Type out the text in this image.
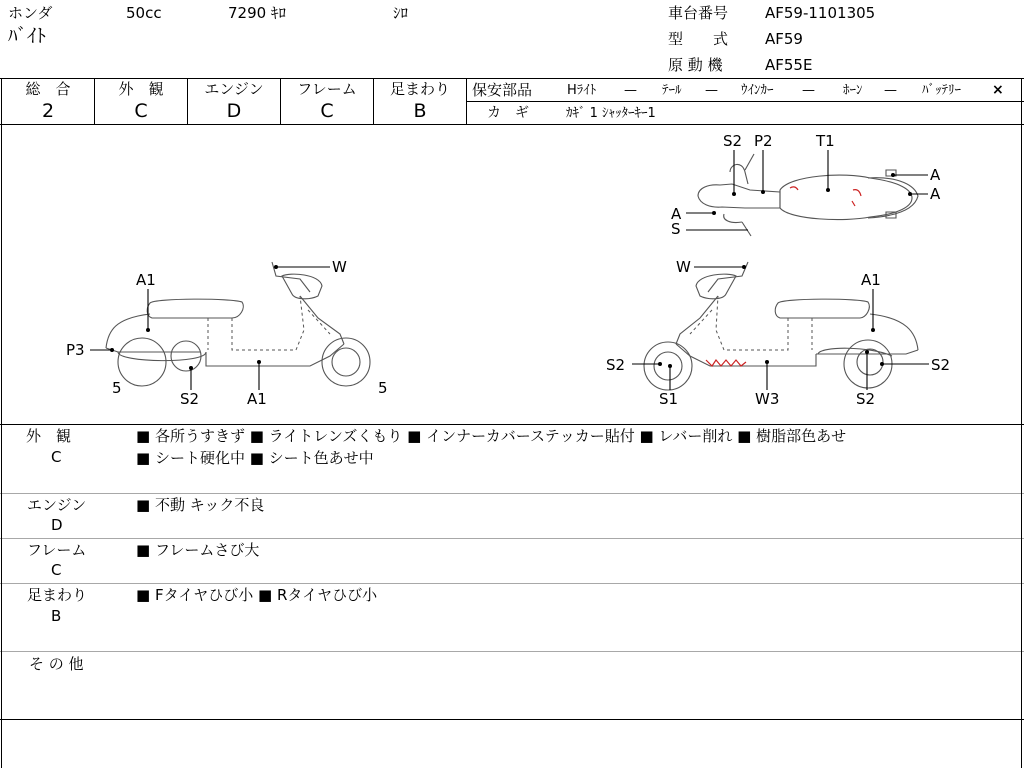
ホンダ	50cc	7290 ｷﾛ	ｼﾛ
ﾊﾞｲﾄ
車台番号 AF59-1101305
型　　式 AF59
原 動 機	AF55E
総　合
2
外　観
C
エンジン
D
フレーム
C
足まわり
B
保安部品	Hﾗｲﾄ — ﾃｰﾙ — ｳｲﾝｶｰ — ﾎｰﾝ — ﾊﾞｯﾃﾘｰ ×
カ　ギ	ｶｷﾞ 1 ｼｬｯﾀｰｷｰ1
S2 P2	T1
A
A
A
S
A1
W
P3
5	5
S2	A1
W
A1
S2
S1	W3	S2
S2
外　観
C
■ 各所うすきず ■ ライトレンズくもり ■ インナーカバーステッカー貼付 ■ レバー削れ ■ 樹脂部色あせ
■ シート硬化中 ■ シート色あせ中
エンジン
D
■ 不動 キック不良
フレーム
C
■ フレームさび大
足まわり
B
■ Fタイヤひび小 ■ Rタイヤひび小
そ の 他
